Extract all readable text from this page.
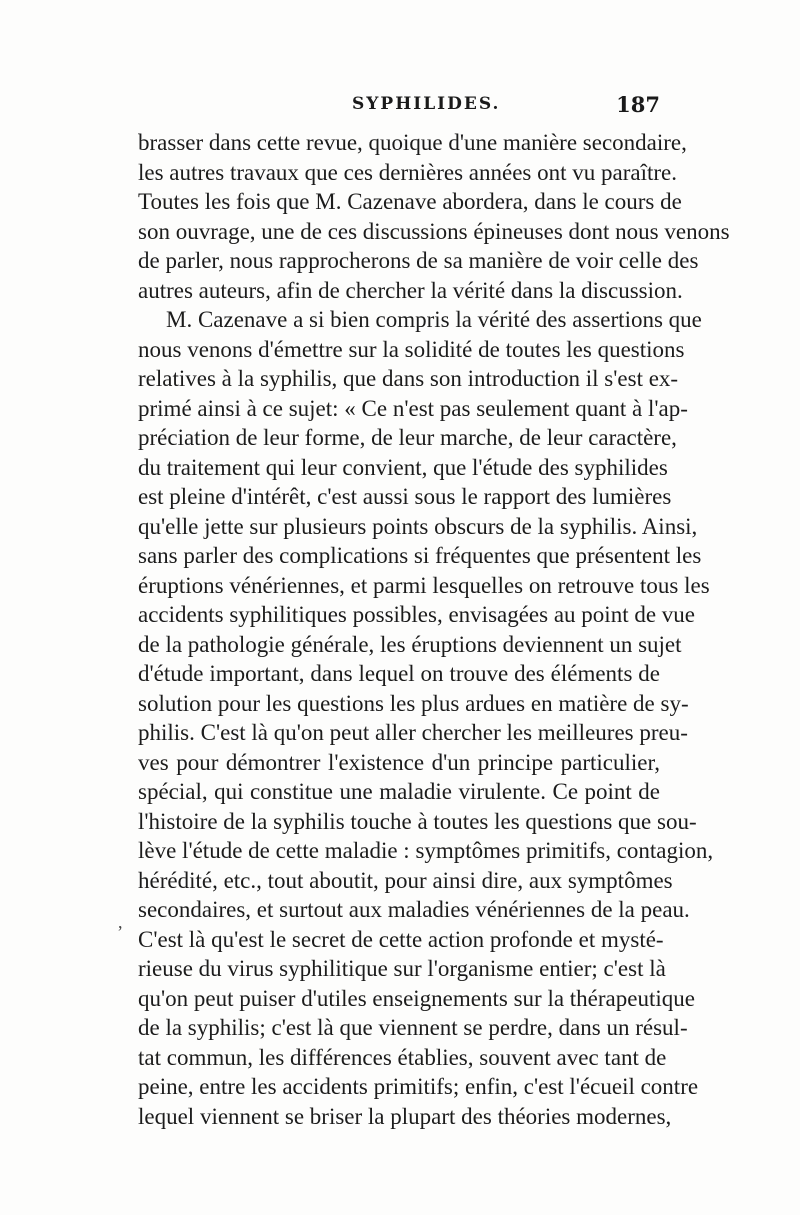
SYPHILIDES.	187
brasser dans cette revue, quoique d'une manière secondaire,
les autres travaux que ces dernières années ont vu paraître.
Toutes les fois que M. Cazenave abordera, dans le cours de
son ouvrage, une de ces discussions épineuses dont nous venons
de parler, nous rapprocherons de sa manière de voir celle des
autres auteurs, afin de chercher la vérité dans la discussion.
M. Cazenave a si bien compris la vérité des assertions que
nous venons d'émettre sur la solidité de toutes les questions
relatives à la syphilis, que dans son introduction il s'est ex-
primé ainsi à ce sujet: « Ce n'est pas seulement quant à l'ap-
préciation de leur forme, de leur marche, de leur caractère,
du traitement qui leur convient, que l'étude des syphilides
est pleine d'intérêt, c'est aussi sous le rapport des lumières
qu'elle jette sur plusieurs points obscurs de la syphilis. Ainsi,
sans parler des complications si fréquentes que présentent les
éruptions vénériennes, et parmi lesquelles on retrouve tous les
accidents syphilitiques possibles, envisagées au point de vue
de la pathologie générale, les éruptions deviennent un sujet
d'étude important, dans lequel on trouve des éléments de
solution pour les questions les plus ardues en matière de sy-
philis. C'est là qu'on peut aller chercher les meilleures preu-
ves pour démontrer l'existence d'un principe particulier,
spécial, qui constitue une maladie virulente. Ce point de
l'histoire de la syphilis touche à toutes les questions que sou-
lève l'étude de cette maladie : symptômes primitifs, contagion,
hérédité, etc., tout aboutit, pour ainsi dire, aux symptômes
secondaires, et surtout aux maladies vénériennes de la peau.
C'est là qu'est le secret de cette action profonde et mysté-
rieuse du virus syphilitique sur l'organisme entier; c'est là
qu'on peut puiser d'utiles enseignements sur la thérapeutique
de la syphilis; c'est là que viennent se perdre, dans un résul-
tat commun, les différences établies, souvent avec tant de
peine, entre les accidents primitifs; enfin, c'est l'écueil contre
lequel viennent se briser la plupart des théories modernes,
,
